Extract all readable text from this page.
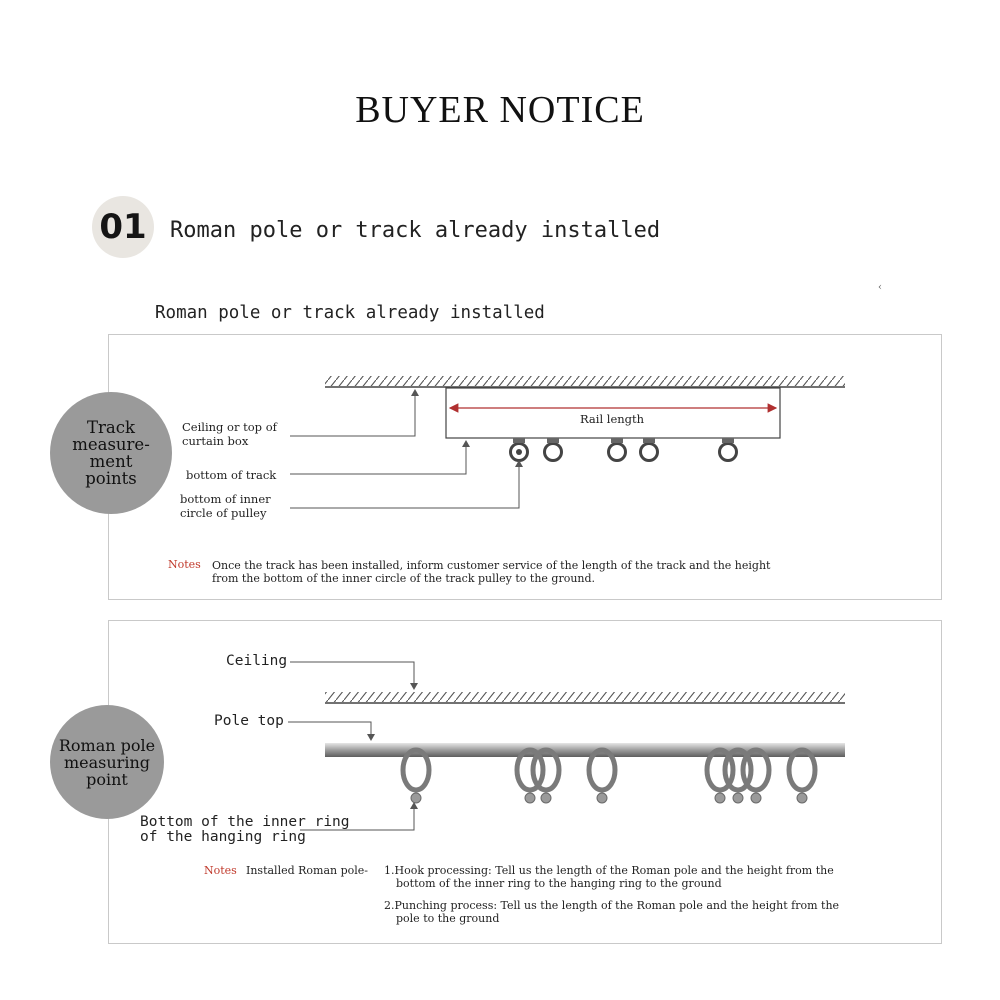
BUYER NOTICE
01	Roman pole or track already installed
‹
Roman pole or track already installed
Track
measure-
ment
points
Ceiling or top of
curtain box
bottom of track
bottom of inner
circle of pulley
Rail length
Notes Once the track has been installed, inform customer service of the length of the track and the height
from the bottom of the inner circle of the track pulley to the ground.
Roman pole
measuring
point
Ceiling
Pole top
Bottom of the inner ring
of the hanging ring
Notes Installed Roman pole- 1.Hook processing: Tell us the length of the Roman pole and the height from the
bottom of the inner ring to the hanging ring to the ground
2.Punching process: Tell us the length of the Roman pole and the height from the
pole to the ground
